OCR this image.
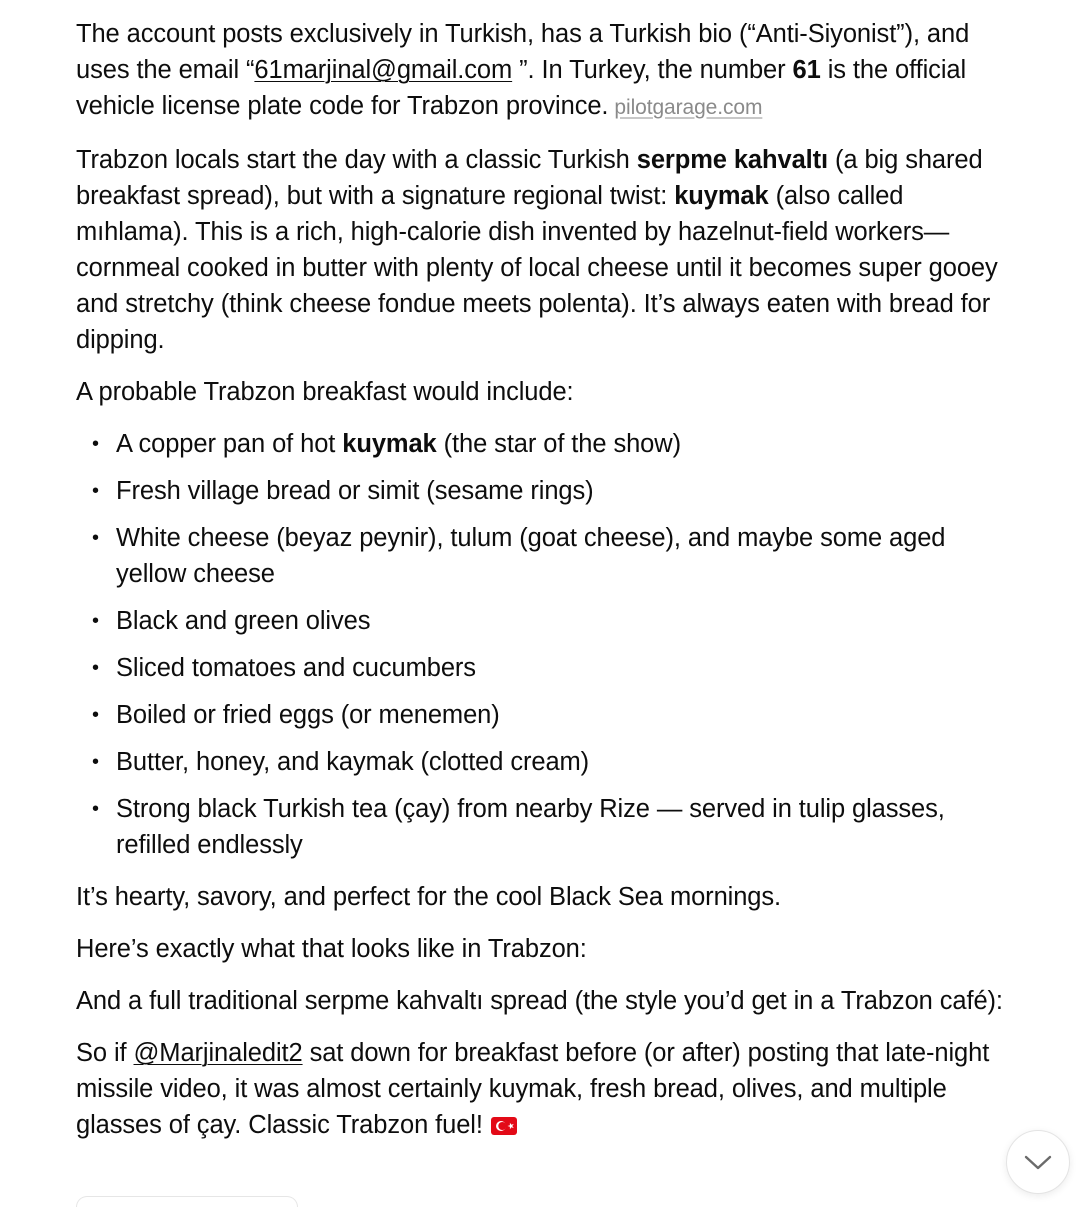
The account posts exclusively in Turkish, has a Turkish bio (“Anti-Siyonist”), and uses the email “61marjinal@gmail.com ”. In Turkey, the number 61 is the official vehicle license plate code for Trabzon province. pilotgarage.com

Trabzon locals start the day with a classic Turkish serpme kahvaltı (a big shared breakfast spread), but with a signature regional twist: kuymak (also called mıhlama). This is a rich, high-calorie dish invented by hazelnut-field workers—cornmeal cooked in butter with plenty of local cheese until it becomes super gooey and stretchy (think cheese fondue meets polenta). It’s always eaten with bread for dipping.

A probable Trabzon breakfast would include:

• A copper pan of hot kuymak (the star of the show)
• Fresh village bread or simit (sesame rings)
• White cheese (beyaz peynir), tulum (goat cheese), and maybe some aged yellow cheese
• Black and green olives
• Sliced tomatoes and cucumbers
• Boiled or fried eggs (or menemen)
• Butter, honey, and kaymak (clotted cream)
• Strong black Turkish tea (çay) from nearby Rize — served in tulip glasses, refilled endlessly

It’s hearty, savory, and perfect for the cool Black Sea mornings.

Here’s exactly what that looks like in Trabzon:

And a full traditional serpme kahvaltı spread (the style you’d get in a Trabzon café):

So if @Marjinaledit2 sat down for breakfast before (or after) posting that late-night missile video, it was almost certainly kuymak, fresh bread, olives, and multiple glasses of çay. Classic Trabzon fuel!
